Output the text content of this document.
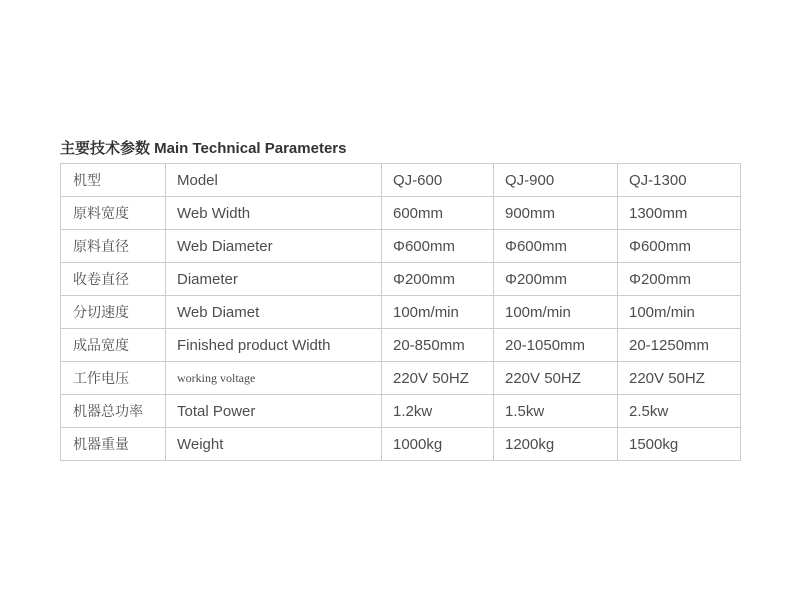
主要技术参数 Main Technical Parameters
机型	Model	QJ-600	QJ-900	QJ-1300
原料宽度	Web Width	600mm	900mm	1300mm
原料直径	Web Diameter	Φ600mm	Φ600mm	Φ600mm
收卷直径	Diameter	Φ200mm	Φ200mm	Φ200mm
分切速度	Web Diamet	100m/min	100m/min	100m/min
成品宽度	Finished product Width	20-850mm	20-1050mm	20-1250mm
工作电压	working voltage	220V 50HZ	220V 50HZ	220V 50HZ
机器总功率	Total Power	1.2kw	1.5kw	2.5kw
机器重量	Weight	1000kg	1200kg	1500kg
